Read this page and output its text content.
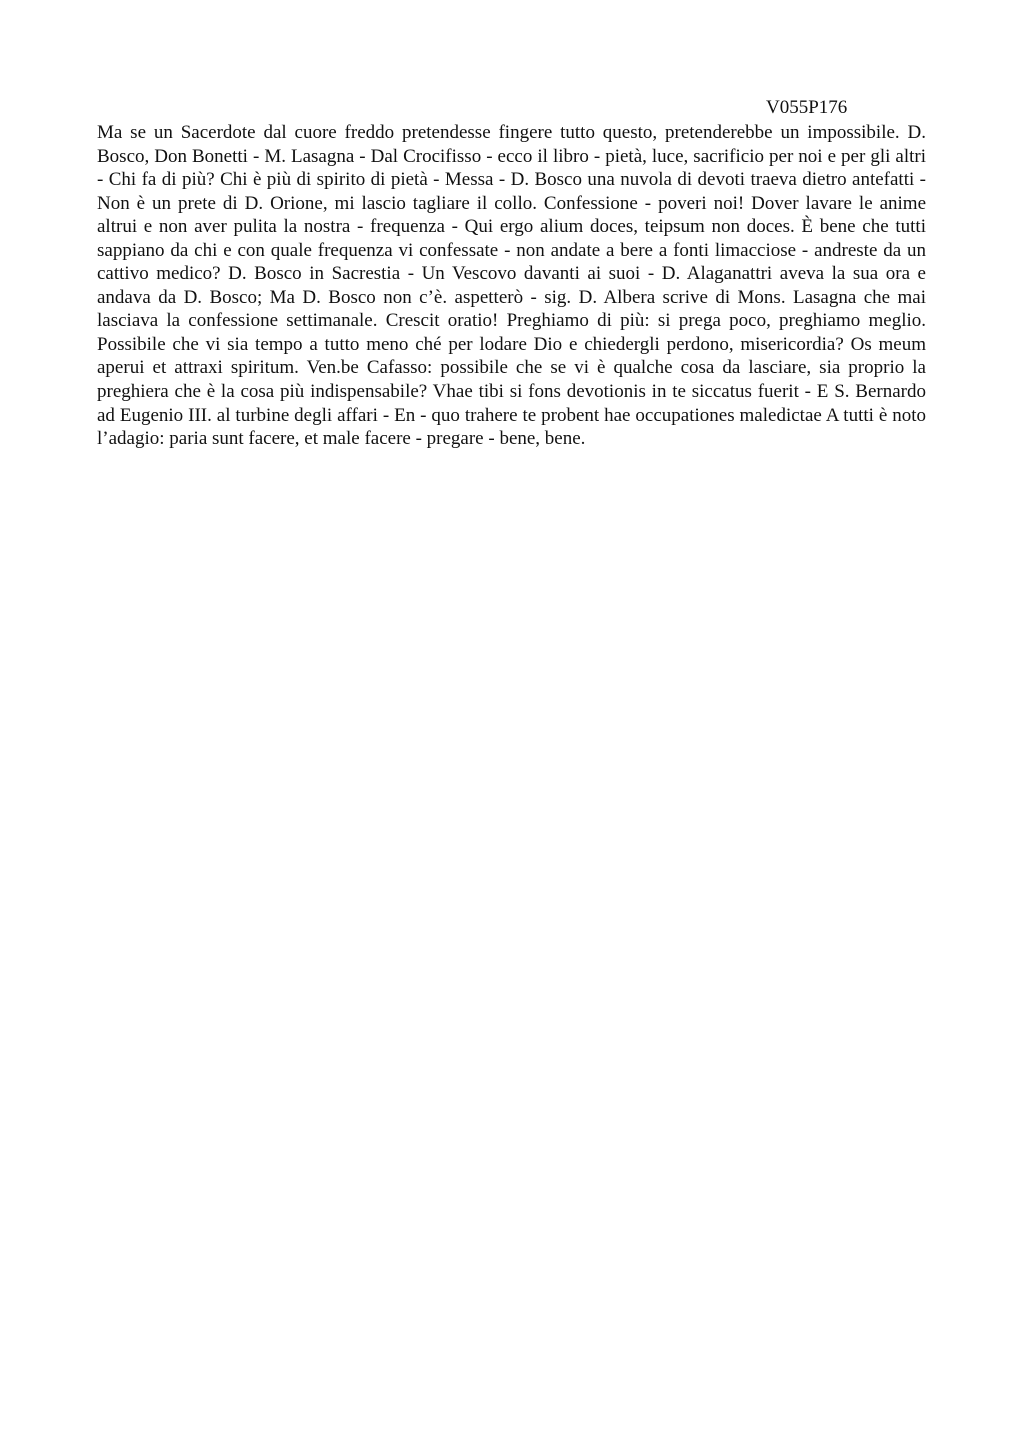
V055P176

Ma se un Sacerdote dal cuore freddo pretendesse fingere tutto questo, pretenderebbe un impossibile. D. Bosco, Don Bonetti - M. Lasagna - Dal Crocifisso - ecco il libro - pietà, luce, sacrificio per noi e per gli altri - Chi fa di più? Chi è più di spirito di pietà - Messa - D. Bosco una nuvola di devoti traeva dietro antefatti - Non è un prete di D. Orione, mi lascio tagliare il collo. Confessione - poveri noi! Dover lavare le anime altrui e non aver pulita la nostra - frequenza - Qui ergo alium doces, teipsum non doces. È bene che tutti sappiano da chi e con quale frequenza vi confessate - non andate a bere a fonti limacciose - andreste da un cattivo medico? D. Bosco in Sacrestia - Un Vescovo davanti ai suoi - D. Alaganattri aveva la sua ora e andava da D. Bosco; Ma D. Bosco non c’è. aspetterò - sig. D. Albera scrive di Mons. Lasagna che mai lasciava la confessione settimanale. Crescit oratio! Preghiamo di più: si prega poco, preghiamo meglio. Possibile che vi sia tempo a tutto meno ché per lodare Dio e chiedergli perdono, misericordia? Os meum aperui et attraxi spiritum. Ven.be Cafasso: possibile che se vi è qualche cosa da lasciare, sia proprio la preghiera che è la cosa più indispensabile? Vhae tibi si fons devotionis in te siccatus fuerit - E S. Bernardo ad Eugenio III. al turbine degli affari - En - quo trahere te probent hae occupationes maledictae A tutti è noto l’adagio: paria sunt facere, et male facere - pregare - bene, bene.
